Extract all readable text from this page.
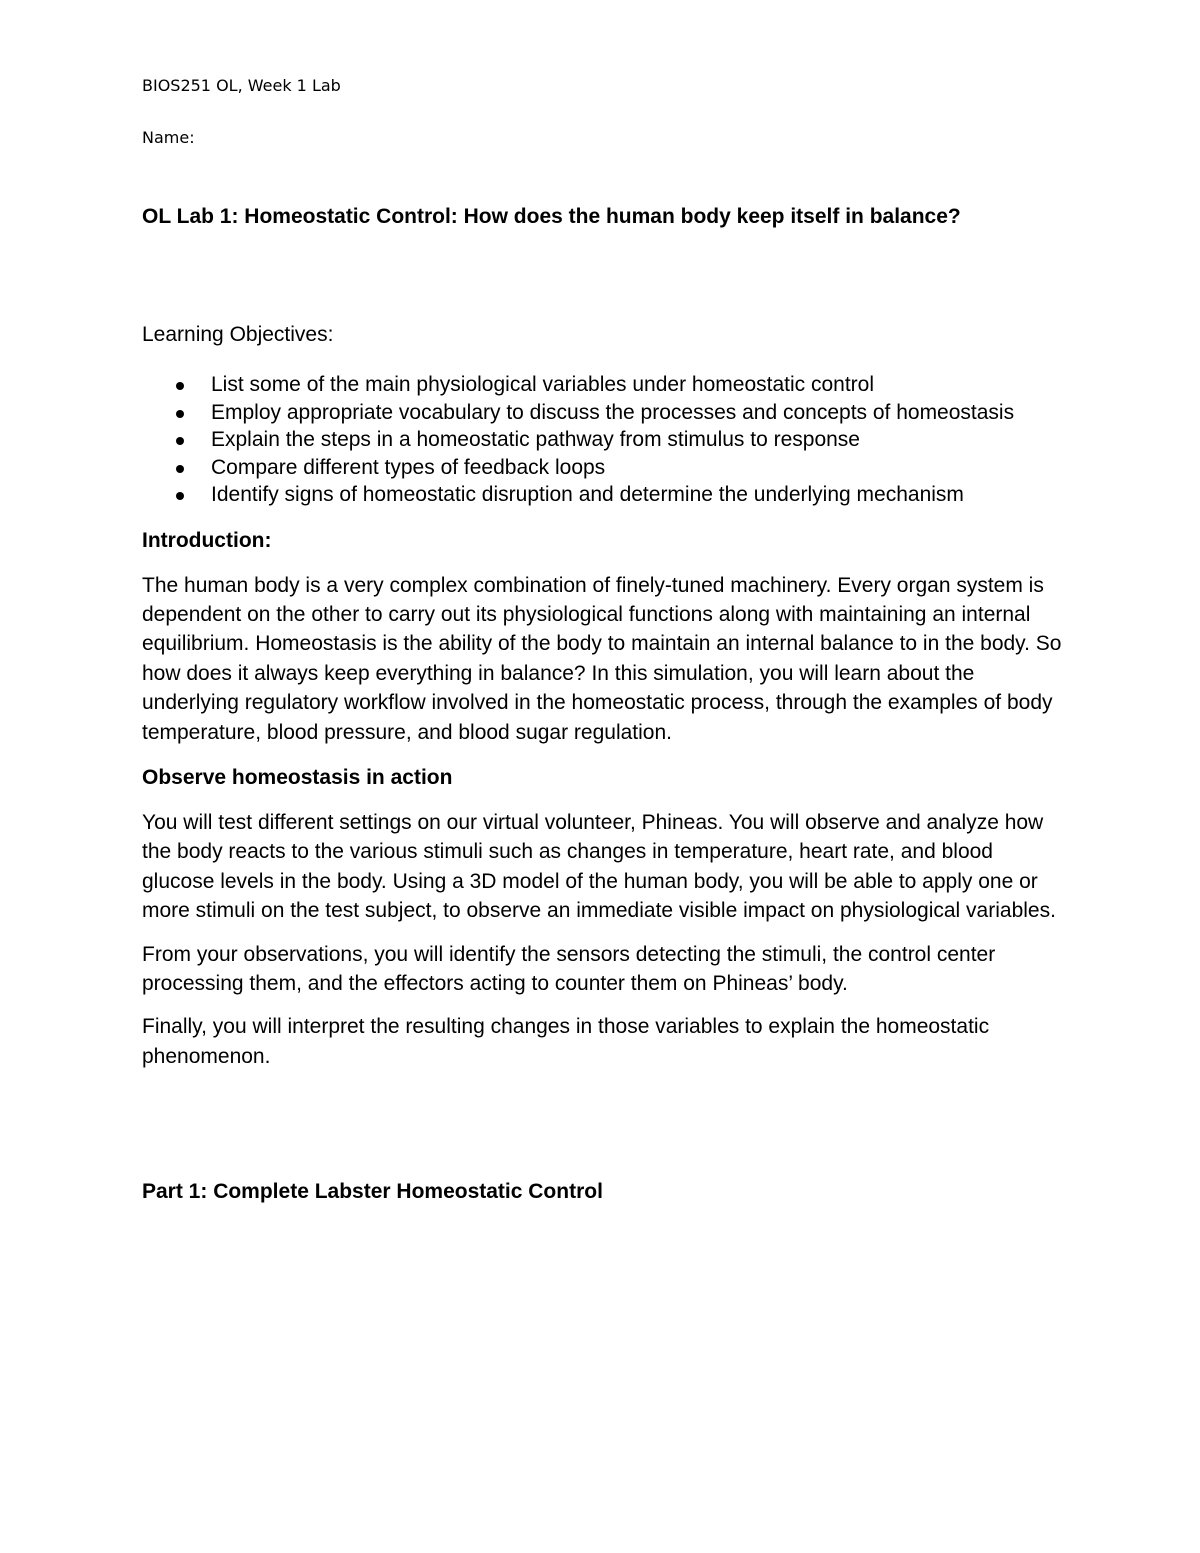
BIOS251 OL, Week 1 Lab
Name:
OL Lab 1: Homeostatic Control: How does the human body keep itself in balance?

Learning Objectives:

List some of the main physiological variables under homeostatic control
Employ appropriate vocabulary to discuss the processes and concepts of homeostasis
Explain the steps in a homeostatic pathway from stimulus to response
Compare different types of feedback loops
Identify signs of homeostatic disruption and determine the underlying mechanism
Introduction:

The human body is a very complex combination of finely-tuned machinery. Every organ system is dependent on the other to carry out its physiological functions along with maintaining an internal equilibrium. Homeostasis is the ability of the body to maintain an internal balance to in the body. So how does it always keep everything in balance? In this simulation, you will learn about the underlying regulatory workflow involved in the homeostatic process, through the examples of body temperature, blood pressure, and blood sugar regulation.

Observe homeostasis in action

You will test different settings on our virtual volunteer, Phineas. You will observe and analyze how the body reacts to the various stimuli such as changes in temperature, heart rate, and blood glucose levels in the body. Using a 3D model of the human body, you will be able to apply one or more stimuli on the test subject, to observe an immediate visible impact on physiological variables.

From your observations, you will identify the sensors detecting the stimuli, the control center processing them, and the effectors acting to counter them on Phineas’ body.

Finally, you will interpret the resulting changes in those variables to explain the homeostatic phenomenon.

Part 1: Complete Labster Homeostatic Control
